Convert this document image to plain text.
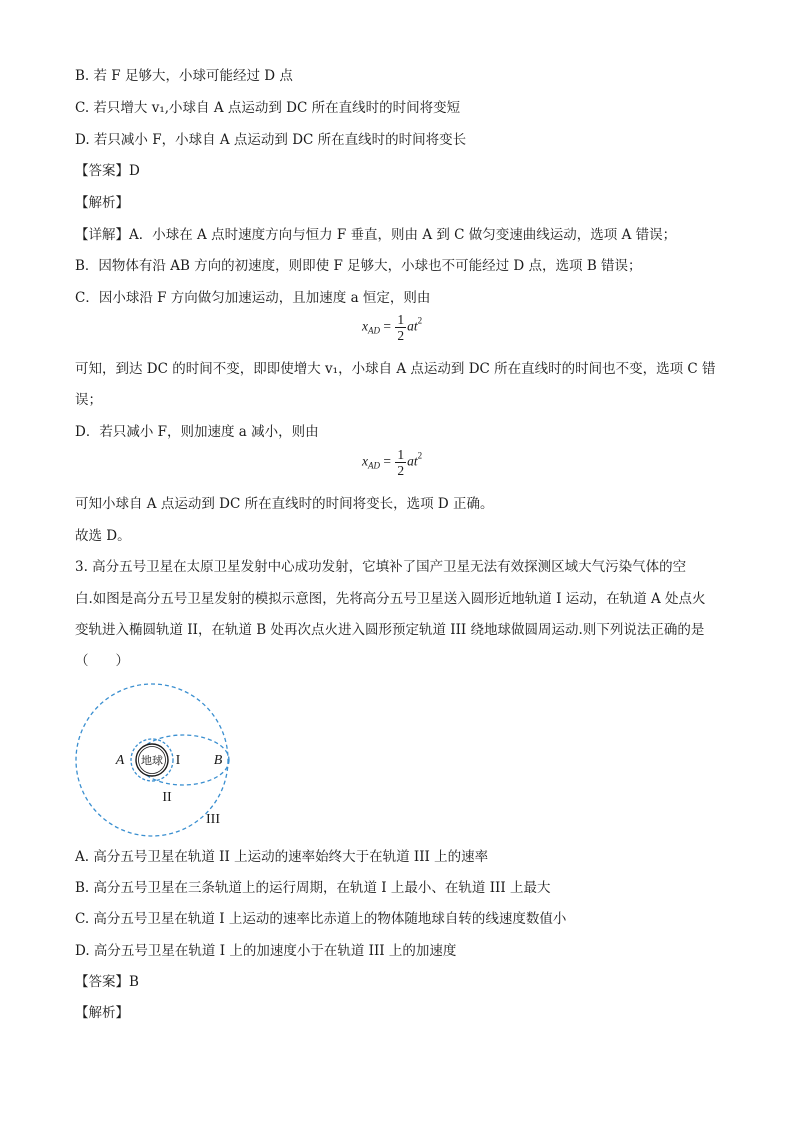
B. 若 F 足够大，小球可能经过 D 点
C. 若只增大 v₁,小球自 A 点运动到 DC 所在直线时的时间将变短
D. 若只减小 F，小球自 A 点运动到 DC 所在直线时的时间将变长
【答案】D
【解析】
【详解】A．小球在 A 点时速度方向与恒力 F 垂直，则由 A 到 C 做匀变速曲线运动，选项 A 错误；
B．因物体有沿 AB 方向的初速度，则即使 F 足够大，小球也不可能经过 D 点，选项 B 错误；
C．因小球沿 F 方向做匀加速运动，且加速度 a 恒定，则由
$x_{AD} = \frac{1}{2} at^2$
可知，到达 DC 的时间不变，即即使增大 v₁，小球自 A 点运动到 DC 所在直线时的时间也不变，选项 C 错
误；
D．若只减小 F，则加速度 a 减小，则由
$x_{AD} = \frac{1}{2} at^2$
可知小球自 A 点运动到 DC 所在直线时的时间将变长，选项 D 正确。
故选 D。
3. 高分五号卫星在太原卫星发射中心成功发射，它填补了国产卫星无法有效探测区域大气污染气体的空
白.如图是高分五号卫星发射的模拟示意图，先将高分五号卫星送入圆形近地轨道 I 运动，在轨道 A 处点火
变轨进入椭圆轨道 II，在轨道 B 处再次点火进入圆形预定轨道 III 绕地球做圆周运动.则下列说法正确的是
（　　）
地球
A	B
I
II
III
A. 高分五号卫星在轨道 II 上运动的速率始终大于在轨道 III 上的速率
B. 高分五号卫星在三条轨道上的运行周期，在轨道 I 上最小、在轨道 III 上最大
C. 高分五号卫星在轨道 I 上运动的速率比赤道上的物体随地球自转的线速度数值小
D. 高分五号卫星在轨道 I 上的加速度小于在轨道 III 上的加速度
【答案】B
【解析】
